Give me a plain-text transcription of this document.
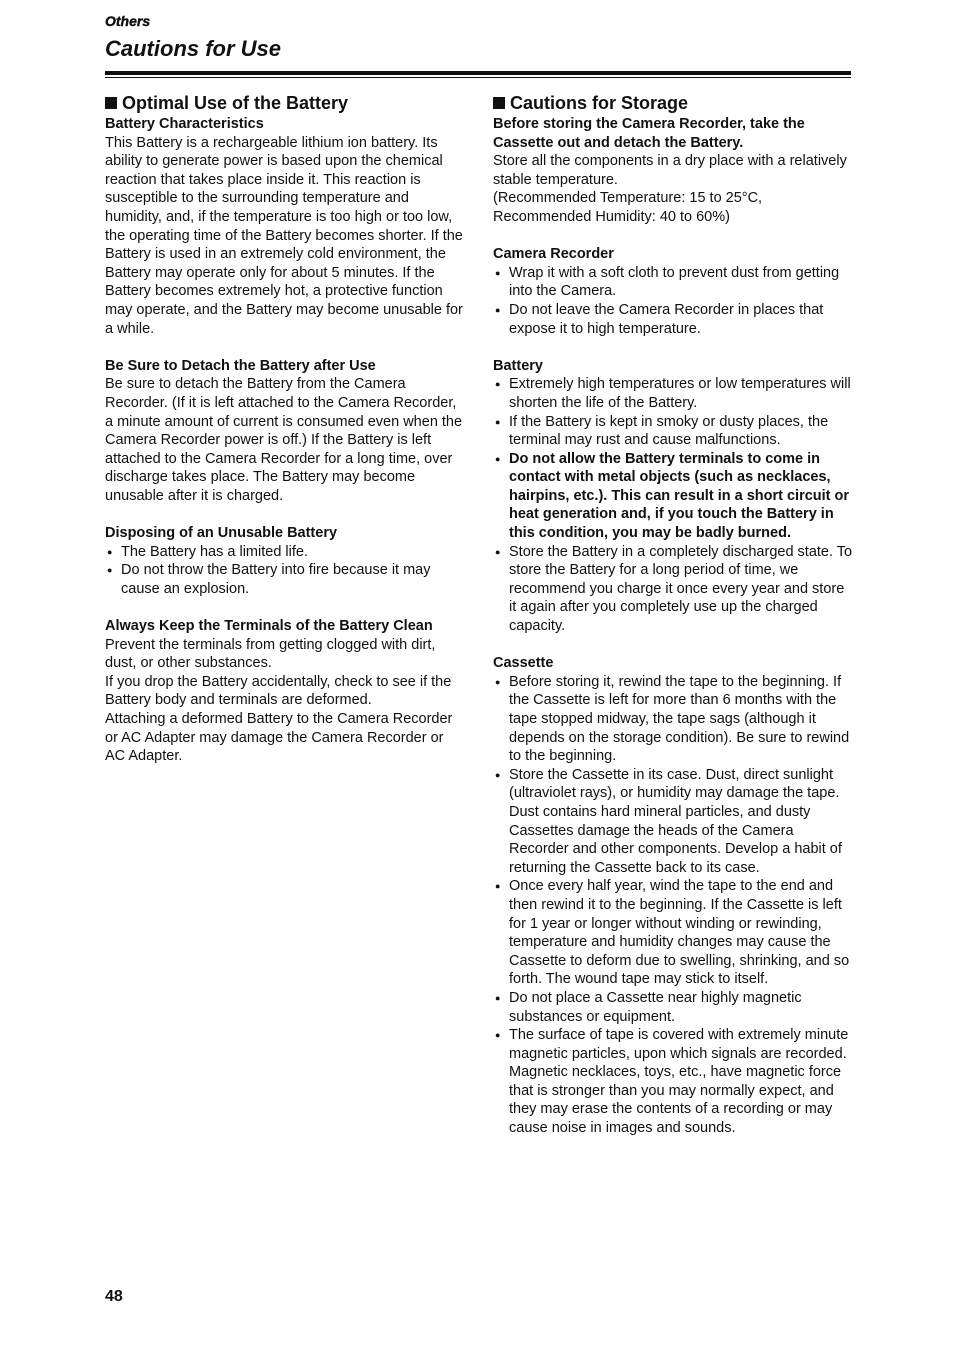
Others
Cautions for Use
Optimal Use of the Battery

Battery Characteristics

This Battery is a rechargeable lithium ion battery. Its ability to generate power is based upon the chemical reaction that takes place inside it. This reaction is susceptible to the surrounding temperature and humidity, and, if the temperature is too high or too low, the operating time of the Battery becomes shorter. If the Battery is used in an extremely cold environment, the Battery may operate only for about 5 minutes. If the Battery becomes extremely hot, a protective function may operate, and the Battery may become unusable for a while.

Be Sure to Detach the Battery after Use

Be sure to detach the Battery from the Camera Recorder. (If it is left attached to the Camera Recorder, a minute amount of current is consumed even when the Camera Recorder power is off.) If the Battery is left attached to the Camera Recorder for a long time, over discharge takes place. The Battery may become unusable after it is charged.

Disposing of an Unusable Battery

● The Battery has a limited life.
● Do not throw the Battery into fire because it may cause an explosion.

Always Keep the Terminals of the Battery Clean

Prevent the terminals from getting clogged with dirt, dust, or other substances.

If you drop the Battery accidentally, check to see if the Battery body and terminals are deformed.

Attaching a deformed Battery to the Camera Recorder or AC Adapter may damage the Camera Recorder or AC Adapter.

Cautions for Storage

Before storing the Camera Recorder, take the Cassette out and detach the Battery.

Store all the components in a dry place with a relatively stable temperature.

(Recommended Temperature: 15 to 25°C, Recommended Humidity: 40 to 60%)

Camera Recorder

● Wrap it with a soft cloth to prevent dust from getting into the Camera.
● Do not leave the Camera Recorder in places that expose it to high temperature.

Battery

● Extremely high temperatures or low temperatures will shorten the life of the Battery.
● If the Battery is kept in smoky or dusty places, the terminal may rust and cause malfunctions.
● Do not allow the Battery terminals to come in contact with metal objects (such as necklaces, hairpins, etc.). This can result in a short circuit or heat generation and, if you touch the Battery in this condition, you may be badly burned.
● Store the Battery in a completely discharged state. To store the Battery for a long period of time, we recommend you charge it once every year and store it again after you completely use up the charged capacity.

Cassette

● Before storing it, rewind the tape to the beginning. If the Cassette is left for more than 6 months with the tape stopped midway, the tape sags (although it depends on the storage condition). Be sure to rewind to the beginning.
● Store the Cassette in its case. Dust, direct sunlight (ultraviolet rays), or humidity may damage the tape. Dust contains hard mineral particles, and dusty Cassettes damage the heads of the Camera Recorder and other components. Develop a habit of returning the Cassette back to its case.
● Once every half year, wind the tape to the end and then rewind it to the beginning. If the Cassette is left for 1 year or longer without winding or rewinding, temperature and humidity changes may cause the Cassette to deform due to swelling, shrinking, and so forth. The wound tape may stick to itself.
● Do not place a Cassette near highly magnetic substances or equipment.
● The surface of tape is covered with extremely minute magnetic particles, upon which signals are recorded. Magnetic necklaces, toys, etc., have magnetic force that is stronger than you may normally expect, and they may erase the contents of a recording or may cause noise in images and sounds.
48
